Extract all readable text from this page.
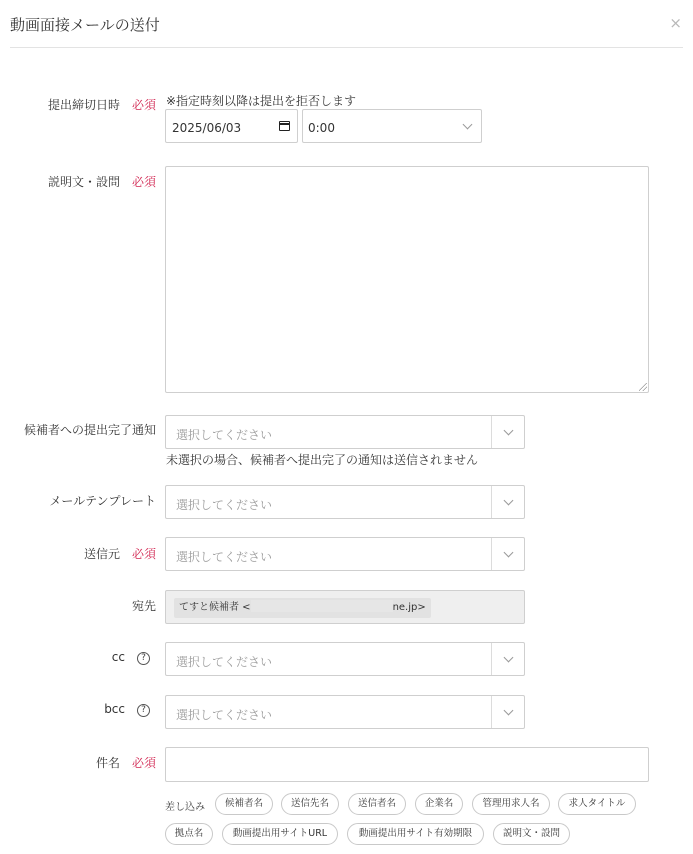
動画面接メールの送付	×
提出締切日時 必須 ※指定時刻以降は提出を拒否します
2025/06/03	0:00
説明文・設問 必須
候補者への提出完了通知 選択してください
未選択の場合、候補者へ提出完了の通知は送信されません
メールテンプレート 選択してください
送信元 必須 選択してください
宛先	てすと候補者 <	ne.jp>
cc ?	選択してください
bcc ?	選択してください
件名 必須
差し込み	候補者名	送信先名	送信者名	企業名	管理用求人名	求人タイトル
拠点名	動画提出用サイトURL	動画提出用サイト有効期限	説明文・設問
